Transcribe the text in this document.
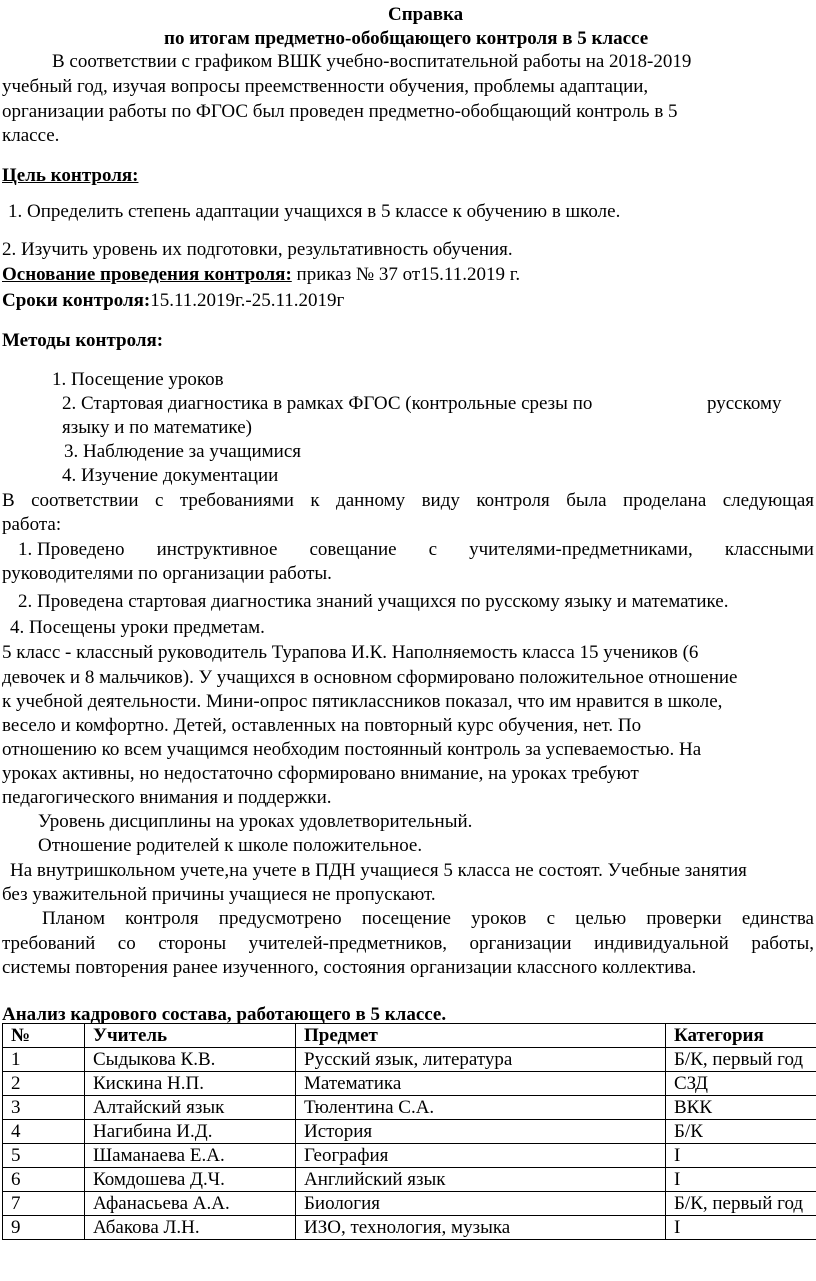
Справка
по итогам предметно-обобщающего контроля в 5 классе
В соответствии с графиком ВШК учебно-воспитательной работы на 2018-2019
учебный год, изучая вопросы преемственности обучения, проблемы адаптации,
организации работы по ФГОС был проведен предметно-обобщающий контроль в 5
классе.
Цель контроля:
1. Определить степень адаптации учащихся в 5 классе к обучению в школе.
2. Изучить уровень их подготовки, результативность обучения.
Основание проведения контроля: приказ № 37 от15.11.2019 г.
Сроки контроля:15.11.2019г.-25.11.2019г
Методы контроля:
1. Посещение уроков
2. Стартовая диагностика в рамках ФГОС (контрольные срезы по	русскому
языку и по математике)
3. Наблюдение за учащимися
4. Изучение документации
В соответствии с требованиями к данному виду контроля была проделана следующая
работа:
1. Проведено инструктивное совещание с учителями-предметниками, классными
руководителями по организации работы.
2. Проведена стартовая диагностика знаний учащихся по русскому языку и математике.
4. Посещены уроки предметам.
5 класс - классный руководитель Турапова И.К. Наполняемость класса 15 учеников (6
девочек и 8 мальчиков). У учащихся в основном сформировано положительное отношение
к учебной деятельности. Мини-опрос пятиклассников показал, что им нравится в школе,
весело и комфортно. Детей, оставленных на повторный курс обучения, нет. По
отношению ко всем учащимся необходим постоянный контроль за успеваемостью. На
уроках активны, но недостаточно сформировано внимание, на уроках требуют
педагогического внимания и поддержки.
Уровень дисциплины на уроках удовлетворительный.
Отношение родителей к школе положительное.
На внутришкольном учете,на учете в ПДН учащиеся 5 класса не состоят. Учебные занятия
без уважительной причины учащиеся не пропускают.
Планом контроля предусмотрено посещение уроков с целью проверки единства
требований со стороны учителей-предметников, организации индивидуальной работы,
системы повторения ранее изученного, состояния организации классного коллектива.
Анализ кадрового состава, работающего в 5 классе.
№	Учитель	Предмет	Категория
1	Сыдыкова К.В.	Русский язык, литература	Б/К, первый год
2	Кискина Н.П.	Математика	СЗД
3	Алтайский язык	Тюлентина С.А.	ВКК
4	Нагибина И.Д.	История	Б/К
5	Шаманаева Е.А.	География	I
6	Комдошева Д.Ч.	Английский язык	I
7	Афанасьева А.А.	Биология	Б/К, первый год
9	Абакова Л.Н.	ИЗО, технология, музыка	I
